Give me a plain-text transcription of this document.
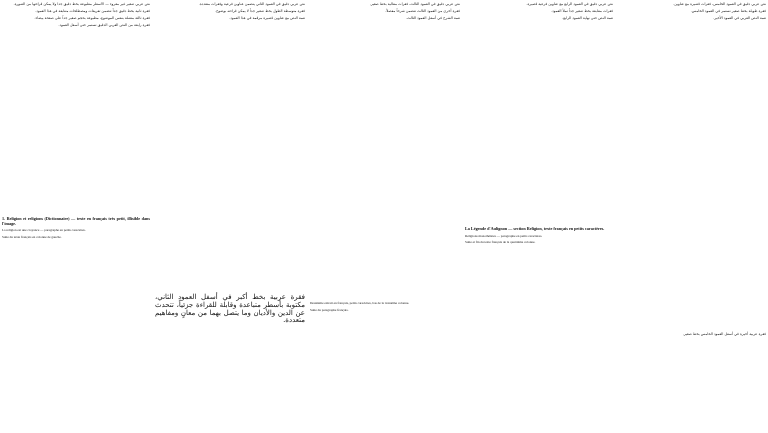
نص عربي صغير غير مقروء — الأسطر مطبوعة بخط دقيق جداً ولا يمكن قراءتها من الصورة.

فقرة ثانية بخط دقيق جداً تتضمن تعريفات ومصطلحات متتابعة في هذا العمود.

فقرة ثالثة متصلة بنفس الموضوع، مطبوعة بحجم صغير جداً على صفحة بيضاء.

فقرة رابعة من النص العربي الدقيق تستمر حتى أسفل العمود.

1. Religion et religions (Dictionnaire) — texte en français très petit, illisible dans l'image.

La religion est une croyance — paragraphe en petits caractères.

Suite du texte français en colonne de gauche.

نص عربي دقيق في العمود الثاني يتضمن عناوين فرعية وفقرات متعددة.

فقرة متوسطة الطول بخط صغير جداً لا يمكن قراءته بوضوح.

تتمة النص مع عناوين قصيرة مرقمة في هذا العمود.

فقرة عربية بخط أكبر في أسفل العمود الثاني، مكتوبة بأسطر متباعدة وقابلة للقراءة جزئياً، تتحدث عن الدين والأديان وما يتصل بهما من معانٍ ومفاهيم متعددة.

نص عربي دقيق في العمود الثالث، فقرات متتالية بخط صغير.

فقرة أخرى من العمود الثالث تتضمن شرحاً مفصلاً.

تتمة الشرح في أسفل العمود الثالث.

Deuxième extrait en français, petits caractères, bas de la troisième colonne.

Suite du paragraphe français.

نص عربي دقيق في العمود الرابع مع عناوين فرعية قصيرة.

فقرات متتابعة بخط صغير جداً تملأ العمود.

تتمة النص حتى نهاية العمود الرابع.

La Légende d'Aulignon — section Religion, texte français en petits caractères.

Religions monothéistes — paragraphe en petits caractères.

Suite et fin du texte français de la quatrième colonne.

نص عربي دقيق في العمود الخامس، فقرات قصيرة مع عناوين.

فقرة طويلة بخط صغير تستمر في العمود الخامس.

تتمة النص العربي في العمود الأخير.

فقرة عربية أخيرة في أسفل العمود الخامس بخط صغير.
